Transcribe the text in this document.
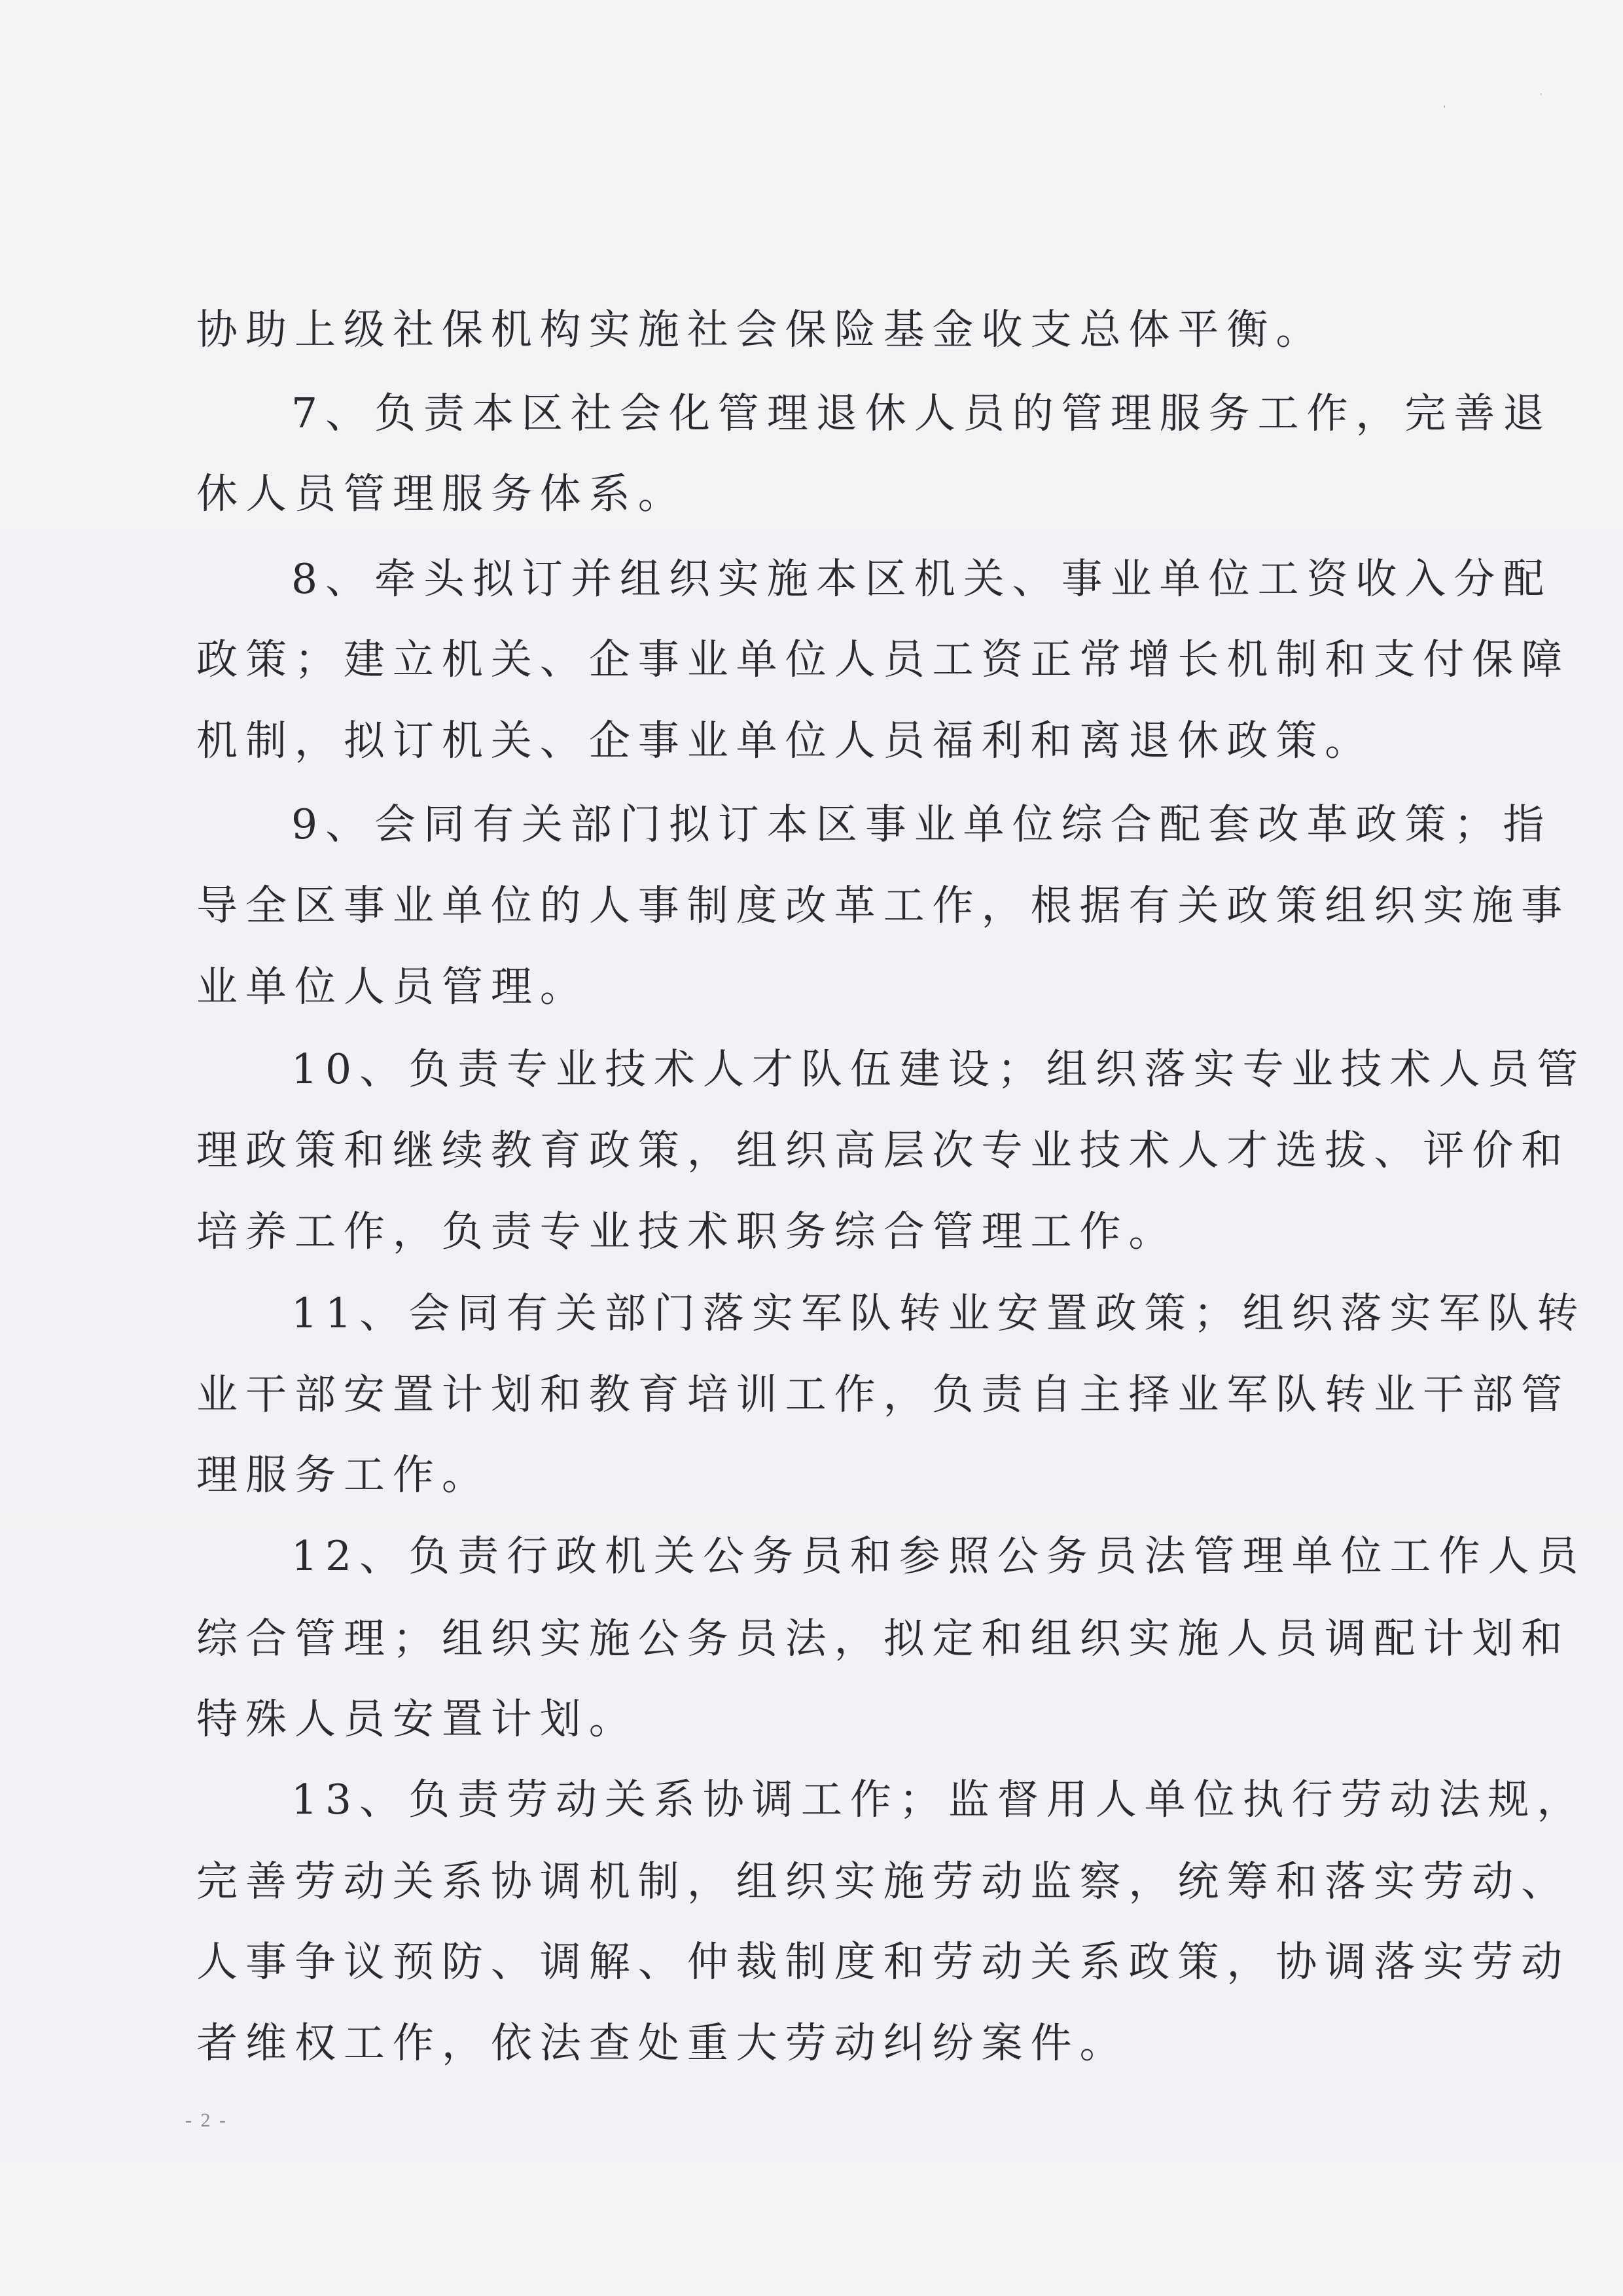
,
·
协助上级社保机构实施社会保险基金收支总体平衡。
7、负责本区社会化管理退休人员的管理服务工作，完善退
休人员管理服务体系。
8、牵头拟订并组织实施本区机关、事业单位工资收入分配
政策；建立机关、企事业单位人员工资正常增长机制和支付保障
机制，拟订机关、企事业单位人员福利和离退休政策。
9、会同有关部门拟订本区事业单位综合配套改革政策；指
导全区事业单位的人事制度改革工作，根据有关政策组织实施事
业单位人员管理。
10、负责专业技术人才队伍建设；组织落实专业技术人员管
理政策和继续教育政策，组织高层次专业技术人才选拔、评价和
培养工作，负责专业技术职务综合管理工作。
11、会同有关部门落实军队转业安置政策；组织落实军队转
业干部安置计划和教育培训工作，负责自主择业军队转业干部管
理服务工作。
12、负责行政机关公务员和参照公务员法管理单位工作人员
综合管理；组织实施公务员法，拟定和组织实施人员调配计划和
特殊人员安置计划。
13、负责劳动关系协调工作；监督用人单位执行劳动法规，
完善劳动关系协调机制，组织实施劳动监察，统筹和落实劳动、
人事争议预防、调解、仲裁制度和劳动关系政策，协调落实劳动
者维权工作，依法查处重大劳动纠纷案件。
- 2 -
